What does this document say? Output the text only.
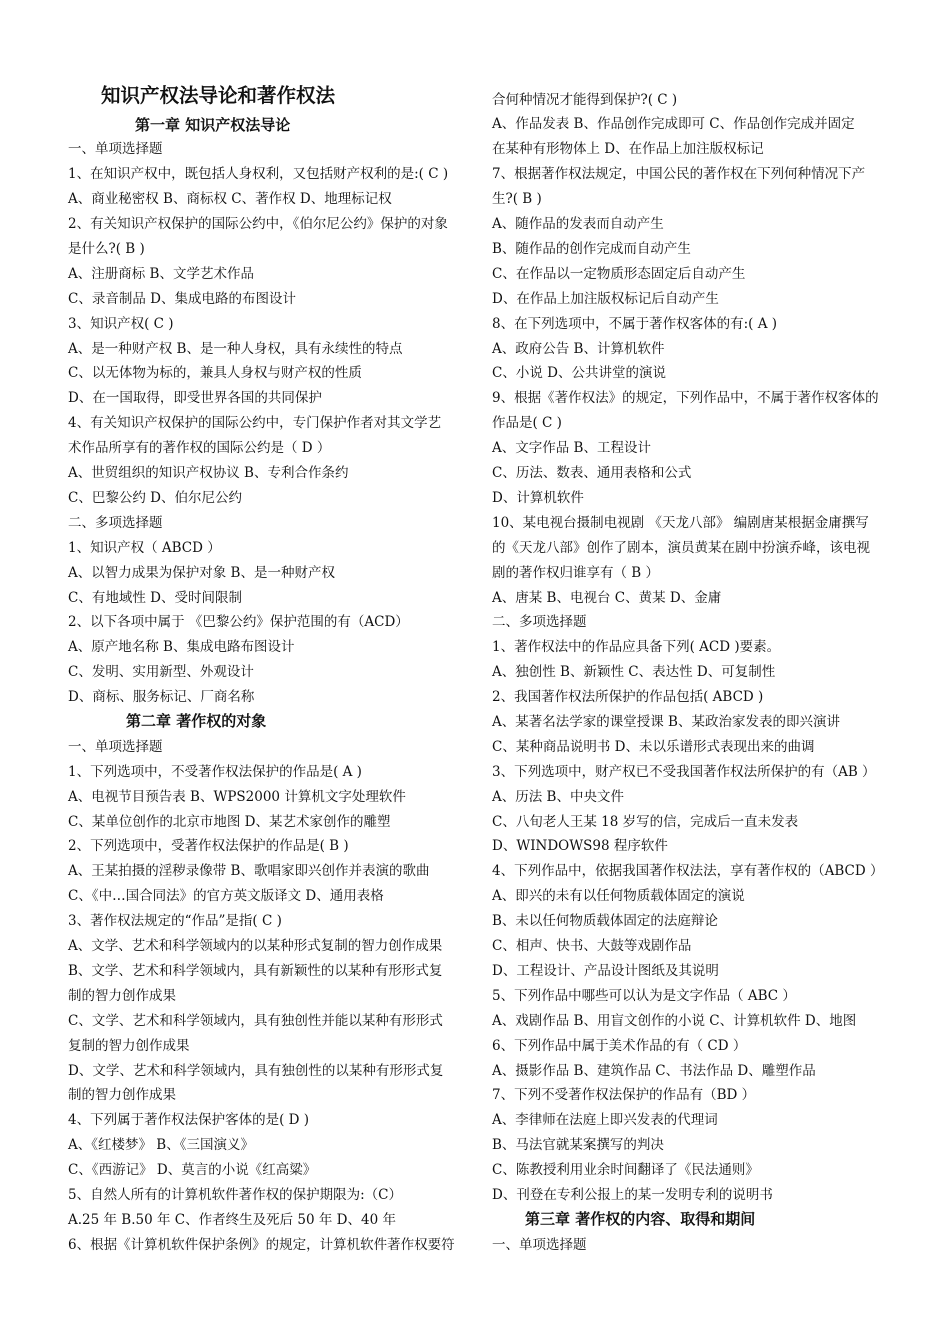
知识产权法导论和著作权法
第一章 知识产权法导论
一、单项选择题
1、在知识产权中，既包括人身权利，又包括财产权利的是:( C )
A、商业秘密权 B、商标权 C、著作权 D、地理标记权
2、有关知识产权保护的国际公约中，《伯尔尼公约》保护的对象
是什么?( B )
A、注册商标 B、文学艺术作品
C、录音制品 D、集成电路的布图设计
3、知识产权( C )
A、是一种财产权 B、是一种人身权，具有永续性的特点
C、以无体物为标的，兼具人身权与财产权的性质
D、在一国取得，即受世界各国的共同保护
4、有关知识产权保护的国际公约中，专门保护作者对其文学艺
术作品所享有的著作权的国际公约是（ D ）
A、世贸组织的知识产权协议 B、专利合作条约
C、巴黎公约 D、伯尔尼公约
二、多项选择题
1、知识产权（ ABCD ）
A、以智力成果为保护对象 B、是一种财产权
C、有地域性 D、受时间限制
2、以下各项中属于 《巴黎公约》保护范围的有（ACD）
A、原产地名称 B、集成电路布图设计
C、发明、实用新型、外观设计
D、商标、服务标记、厂商名称
第二章 著作权的对象
一、单项选择题
1、下列选项中，不受著作权法保护的作品是( A )
A、电视节目预告表 B、WPS2000 计算机文字处理软件
C、某单位创作的北京市地图 D、某艺术家创作的雕塑
2、下列选项中，受著作权法保护的作品是( B )
A、王某拍摄的淫秽录像带 B、歌唱家即兴创作并表演的歌曲
C、《中…国合同法》的官方英文版译文 D、通用表格
3、著作权法规定的“作品”是指( C )
A、文学、艺术和科学领域内的以某种形式复制的智力创作成果
B、文学、艺术和科学领域内，具有新颖性的以某种有形形式复
制的智力创作成果
C、文学、艺术和科学领域内，具有独创性并能以某种有形形式
复制的智力创作成果
D、文学、艺术和科学领域内，具有独创性的以某种有形形式复
制的智力创作成果
4、下列属于著作权法保护客体的是( D )
A、《红楼梦》 B、《三国演义》
C、《西游记》 D、莫言的小说《红高粱》
5、自然人所有的计算机软件著作权的保护期限为:（C）
A.25 年 B.50 年 C、作者终生及死后 50 年 D、40 年
6、根据《计算机软件保护条例》的规定，计算机软件著作权要符
合何种情况才能得到保护?( C )
A、作品发表 B、作品创作完成即可 C、作品创作完成并固定
在某种有形物体上 D、在作品上加注版权标记
7、根据著作权法规定，中国公民的著作权在下列何种情况下产
生?( B )
A、随作品的发表而自动产生
B、随作品的创作完成而自动产生
C、在作品以一定物质形态固定后自动产生
D、在作品上加注版权标记后自动产生
8、在下列选项中，不属于著作权客体的有:( A )
A、政府公告 B、计算机软件
C、小说 D、公共讲堂的演说
9、根据《著作权法》的规定，下列作品中，不属于著作权客体的
作品是( C )
A、文字作品 B、工程设计
C、历法、数表、通用表格和公式
D、计算机软件
10、某电视台摄制电视剧 《天龙八部》 编剧唐某根据金庸撰写
的《天龙八部》创作了剧本，演员黄某在剧中扮演乔峰，该电视
剧的著作权归谁享有（ B ）
A、唐某 B、电视台 C、黄某 D、金庸
二、多项选择题
1、著作权法中的作品应具备下列( ACD )要素。
A、独创性 B、新颖性 C、表达性 D、可复制性
2、我国著作权法所保护的作品包括( ABCD )
A、某著名法学家的课堂授课 B、某政治家发表的即兴演讲
C、某种商品说明书 D、未以乐谱形式表现出来的曲调
3、下列选项中，财产权已不受我国著作权法所保护的有（AB ）
A、历法 B、中央文件
C、八旬老人王某 18 岁写的信，完成后一直未发表
D、WINDOWS98 程序软件
4、下列作品中，依据我国著作权法法，享有著作权的（ABCD ）
A、即兴的未有以任何物质载体固定的演说
B、未以任何物质载体固定的法庭辩论
C、相声、快书、大鼓等戏剧作品
D、工程设计、产品设计图纸及其说明
5、下列作品中哪些可以认为是文字作品（ ABC ）
A、戏剧作品 B、用盲文创作的小说 C、计算机软件 D、地图
6、下列作品中属于美术作品的有（ CD ）
A、摄影作品 B、建筑作品 C、书法作品 D、雕塑作品
7、下列不受著作权法保护的作品有（BD ）
A、李律师在法庭上即兴发表的代理词
B、马法官就某案撰写的判决
C、陈教授利用业余时间翻译了《民法通则》
D、刊登在专利公报上的某一发明专利的说明书
第三章 著作权的内容、取得和期间
一、单项选择题
